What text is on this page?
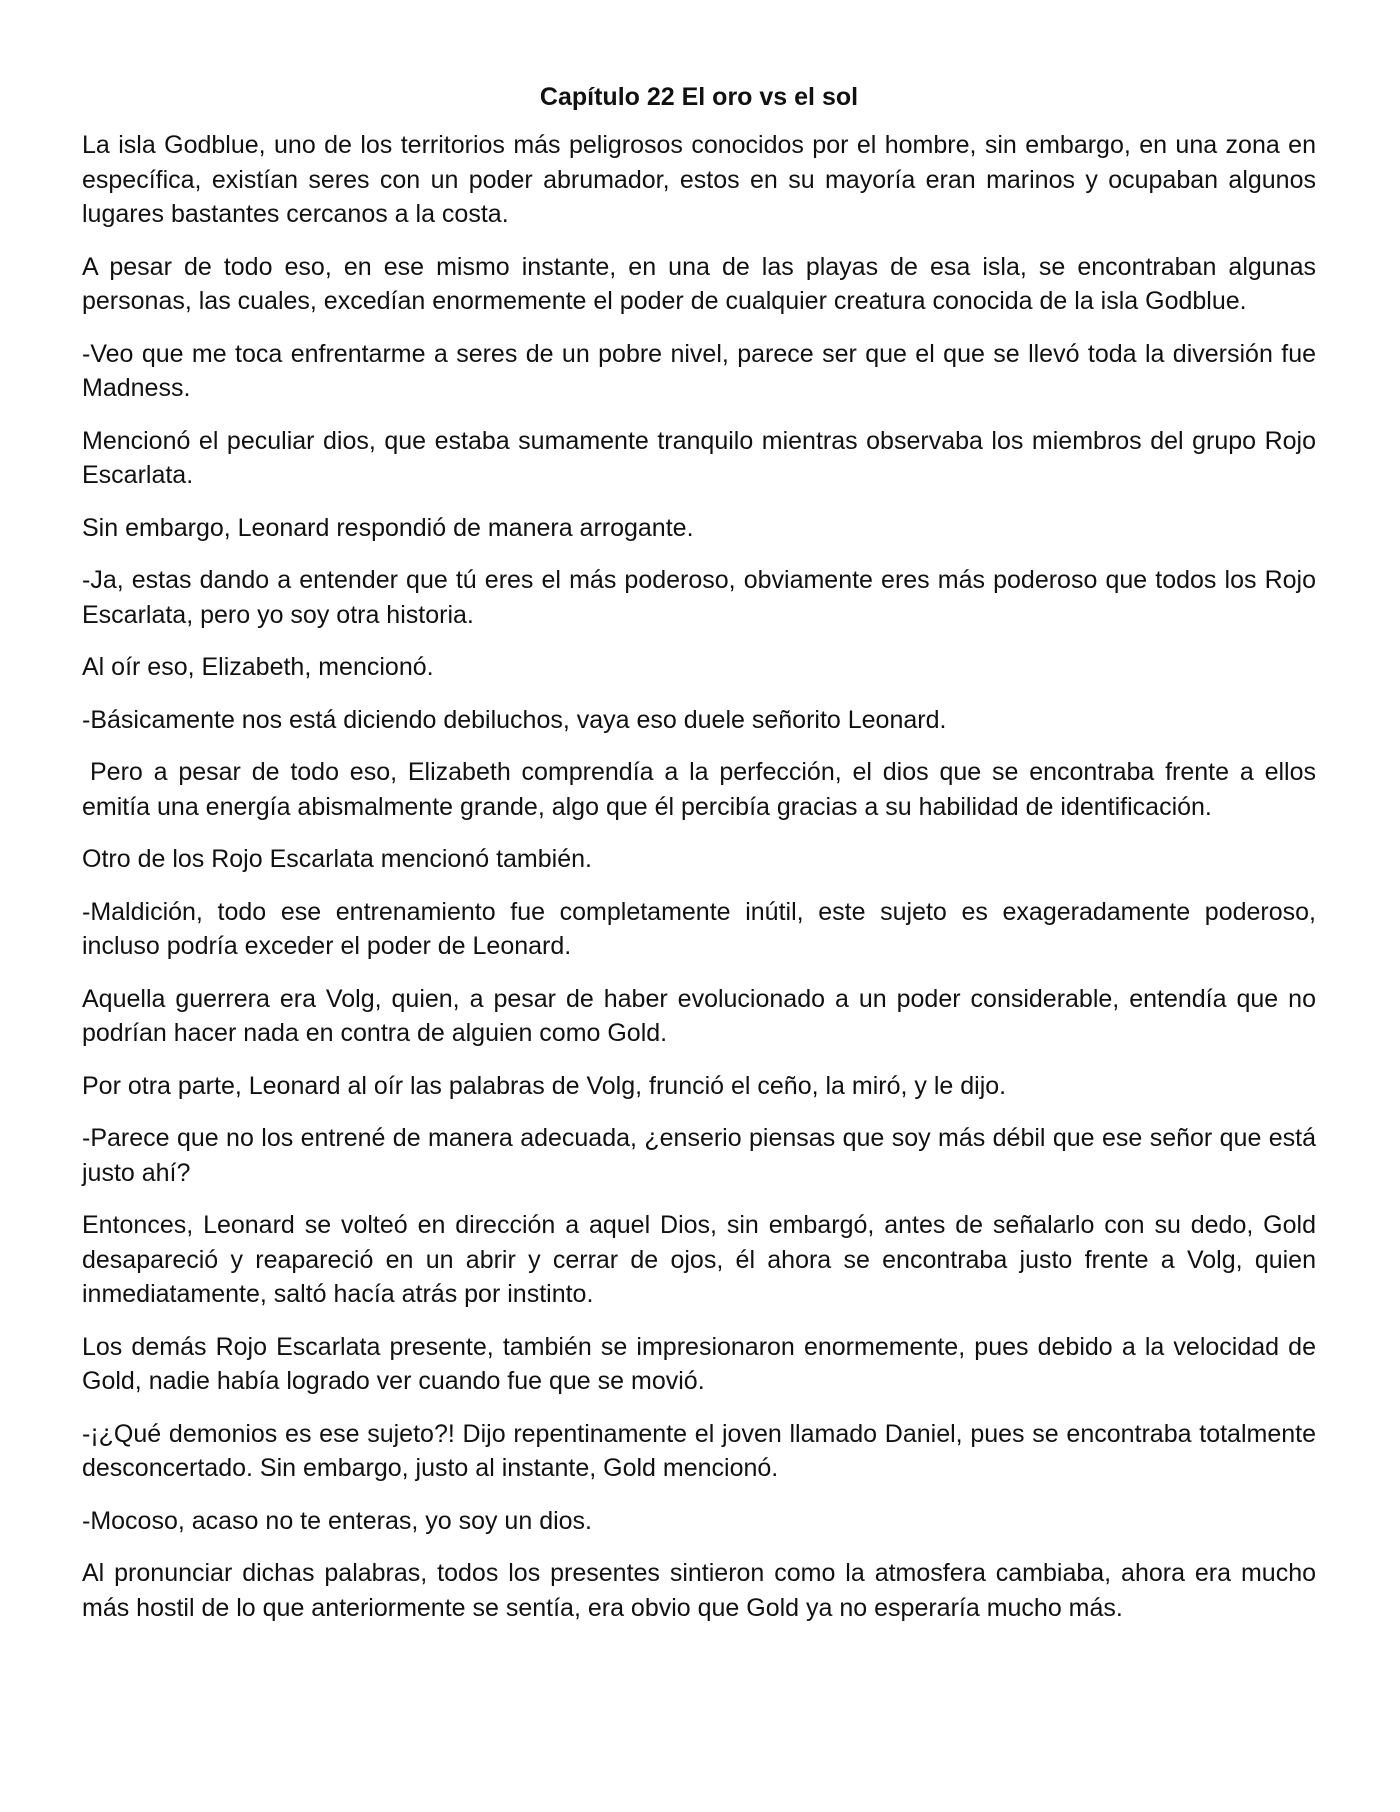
Capítulo 22 El oro vs el sol

La isla Godblue, uno de los territorios más peligrosos conocidos por el hombre, sin embargo, en una zona en específica, existían seres con un poder abrumador, estos en su mayoría eran marinos y ocupaban algunos lugares bastantes cercanos a la costa.

A pesar de todo eso, en ese mismo instante, en una de las playas de esa isla, se encontraban algunas personas, las cuales, excedían enormemente el poder de cualquier creatura conocida de la isla Godblue.

-Veo que me toca enfrentarme a seres de un pobre nivel, parece ser que el que se llevó toda la diversión fue Madness.

Mencionó el peculiar dios, que estaba sumamente tranquilo mientras observaba los miembros del grupo Rojo Escarlata.

Sin embargo, Leonard respondió de manera arrogante.

-Ja, estas dando a entender que tú eres el más poderoso, obviamente eres más poderoso que todos los Rojo Escarlata, pero yo soy otra historia.

Al oír eso, Elizabeth, mencionó.

-Básicamente nos está diciendo debiluchos, vaya eso duele señorito Leonard.

Pero a pesar de todo eso, Elizabeth comprendía a la perfección, el dios que se encontraba frente a ellos emitía una energía abismalmente grande, algo que él percibía gracias a su habilidad de identificación.

Otro de los Rojo Escarlata mencionó también.

-Maldición, todo ese entrenamiento fue completamente inútil, este sujeto es exageradamente poderoso, incluso podría exceder el poder de Leonard.

Aquella guerrera era Volg, quien, a pesar de haber evolucionado a un poder considerable, entendía que no podrían hacer nada en contra de alguien como Gold.

Por otra parte, Leonard al oír las palabras de Volg, frunció el ceño, la miró, y le dijo.

-Parece que no los entrené de manera adecuada, ¿enserio piensas que soy más débil que ese señor que está justo ahí?

Entonces, Leonard se volteó en dirección a aquel Dios, sin embargó, antes de señalarlo con su dedo, Gold desapareció y reapareció en un abrir y cerrar de ojos, él ahora se encontraba justo frente a Volg, quien inmediatamente, saltó hacía atrás por instinto.

Los demás Rojo Escarlata presente, también se impresionaron enormemente, pues debido a la velocidad de Gold, nadie había logrado ver cuando fue que se movió.

-¡¿Qué demonios es ese sujeto?! Dijo repentinamente el joven llamado Daniel, pues se encontraba totalmente desconcertado. Sin embargo, justo al instante, Gold mencionó.

-Mocoso, acaso no te enteras, yo soy un dios.

Al pronunciar dichas palabras, todos los presentes sintieron como la atmosfera cambiaba, ahora era mucho más hostil de lo que anteriormente se sentía, era obvio que Gold ya no esperaría mucho más.
